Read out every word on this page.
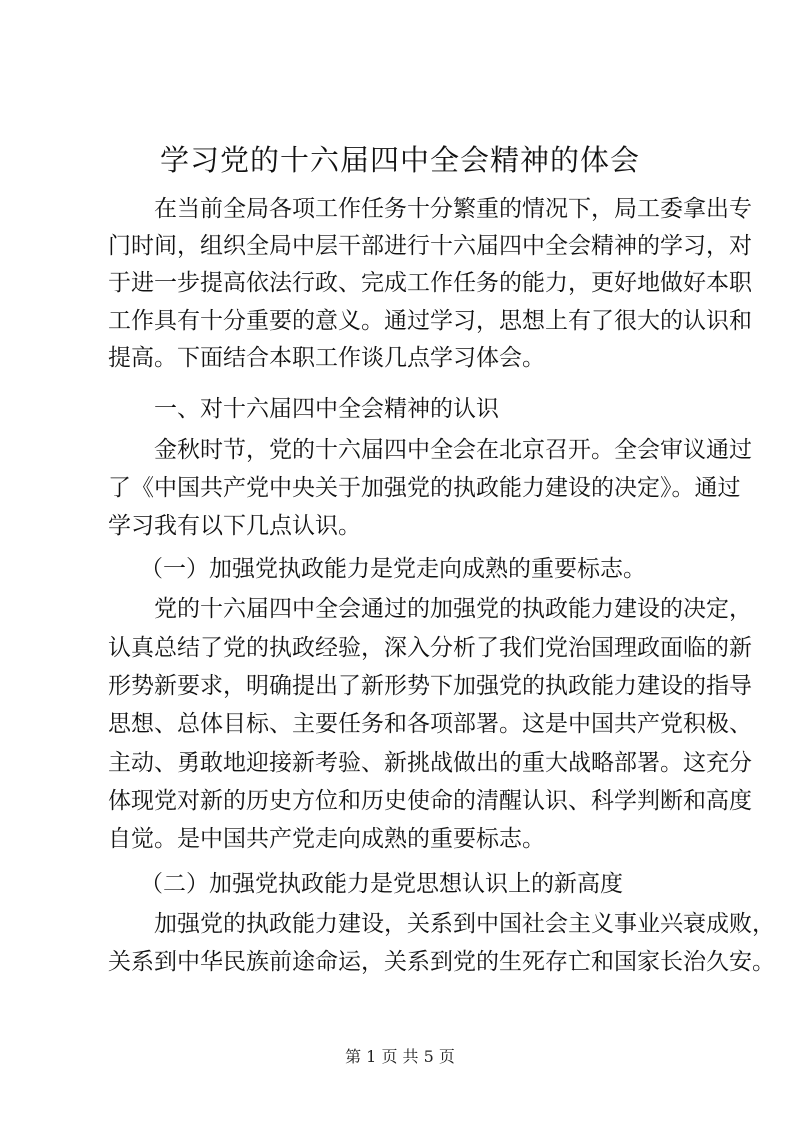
学习党的十六届四中全会精神的体会
在当前全局各项工作任务十分繁重的情况下，局工委拿出专
门时间，组织全局中层干部进行十六届四中全会精神的学习，对
于进一步提高依法行政、完成工作任务的能力，更好地做好本职
工作具有十分重要的意义。通过学习，思想上有了很大的认识和
提高。下面结合本职工作谈几点学习体会。
一、对十六届四中全会精神的认识
金秋时节，党的十六届四中全会在北京召开。全会审议通过
了《中国共产党中央关于加强党的执政能力建设的决定》。通过
学习我有以下几点认识。
（一）加强党执政能力是党走向成熟的重要标志。
党的十六届四中全会通过的加强党的执政能力建设的决定，
认真总结了党的执政经验，深入分析了我们党治国理政面临的新
形势新要求，明确提出了新形势下加强党的执政能力建设的指导
思想、总体目标、主要任务和各项部署。这是中国共产党积极、
主动、勇敢地迎接新考验、新挑战做出的重大战略部署。这充分
体现党对新的历史方位和历史使命的清醒认识、科学判断和高度
自觉。是中国共产党走向成熟的重要标志。
（二）加强党执政能力是党思想认识上的新高度
加强党的执政能力建设，关系到中国社会主义事业兴衰成败，
关系到中华民族前途命运，关系到党的生死存亡和国家长治久安。
第 1 页 共 5 页
